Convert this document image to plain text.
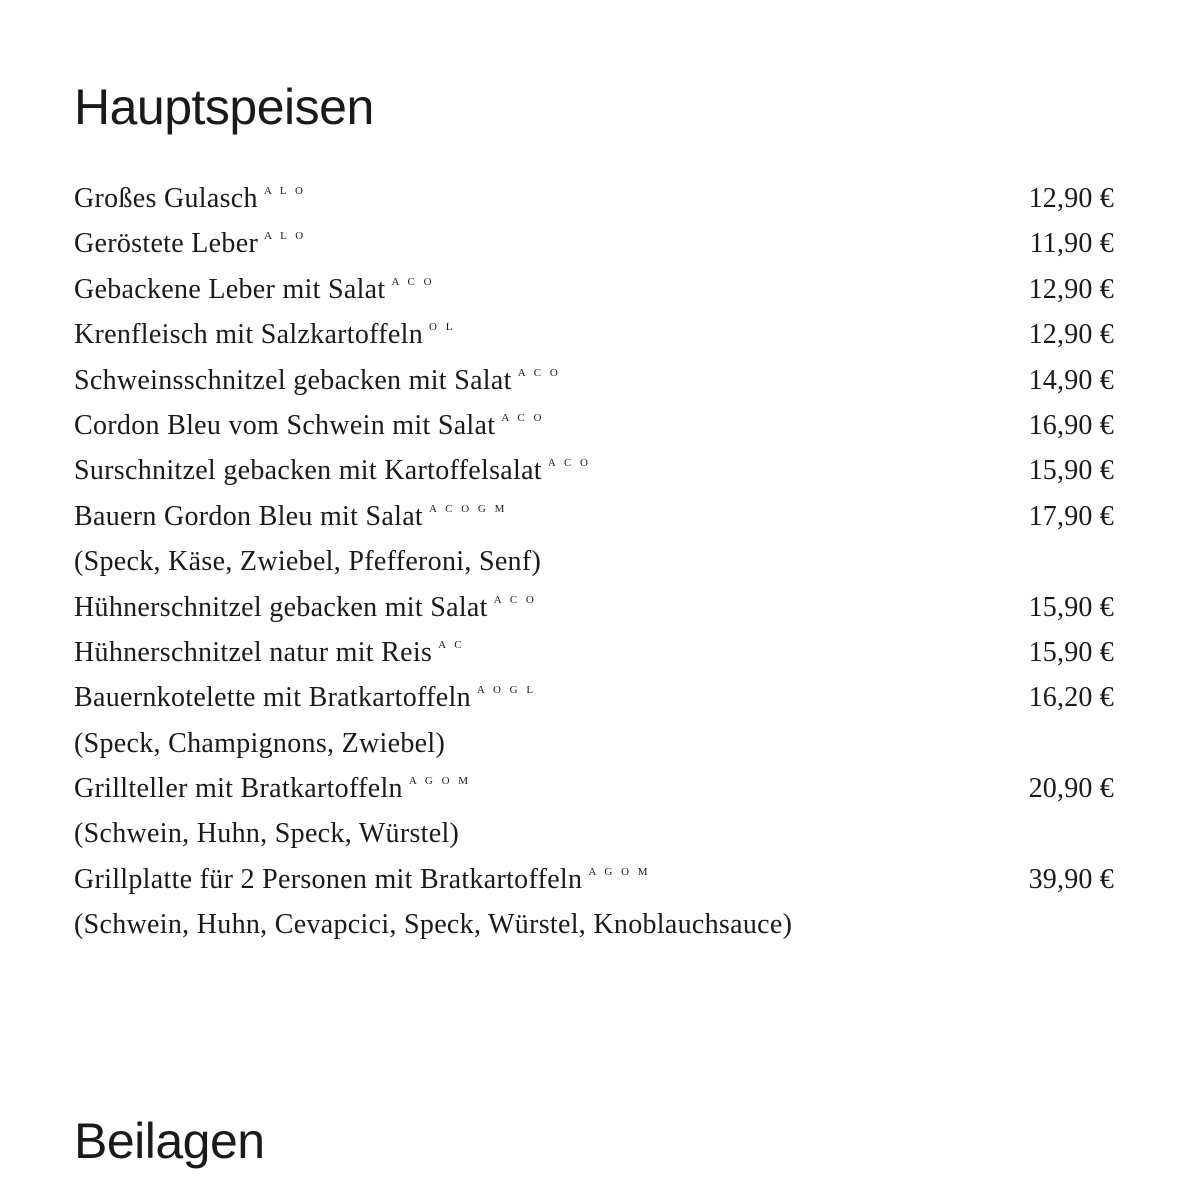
Hauptspeisen
Großes Gulasch $^{A L O}$	12,90 €
Geröstete Leber $^{A L O}$	11,90 €
Gebackene Leber mit Salat $^{A C O}$	12,90 €
Krenfleisch mit Salzkartoffeln $^{O L}$	12,90 €
Schweinsschnitzel gebacken mit Salat $^{A C O}$	14,90 €
Cordon Bleu vom Schwein mit Salat $^{A C O}$	16,90 €
Surschnitzel gebacken mit Kartoffelsalat $^{A C O}$	15,90 €
Bauern Gordon Bleu mit Salat $^{A C O G M}$	17,90 €
(Speck, Käse, Zwiebel, Pfefferoni, Senf)
Hühnerschnitzel gebacken mit Salat $^{A C O}$	15,90 €
Hühnerschnitzel natur mit Reis $^{A C}$	15,90 €
Bauernkotelette mit Bratkartoffeln $^{A O G L}$	16,20 €
(Speck, Champignons, Zwiebel)
Grillteller mit Bratkartoffeln $^{A G O M}$	20,90 €
(Schwein, Huhn, Speck, Würstel)
Grillplatte für 2 Personen mit Bratkartoffeln $^{A G O M}$	39,90 €
(Schwein, Huhn, Cevapcici, Speck, Würstel, Knoblauchsauce)
Beilagen
